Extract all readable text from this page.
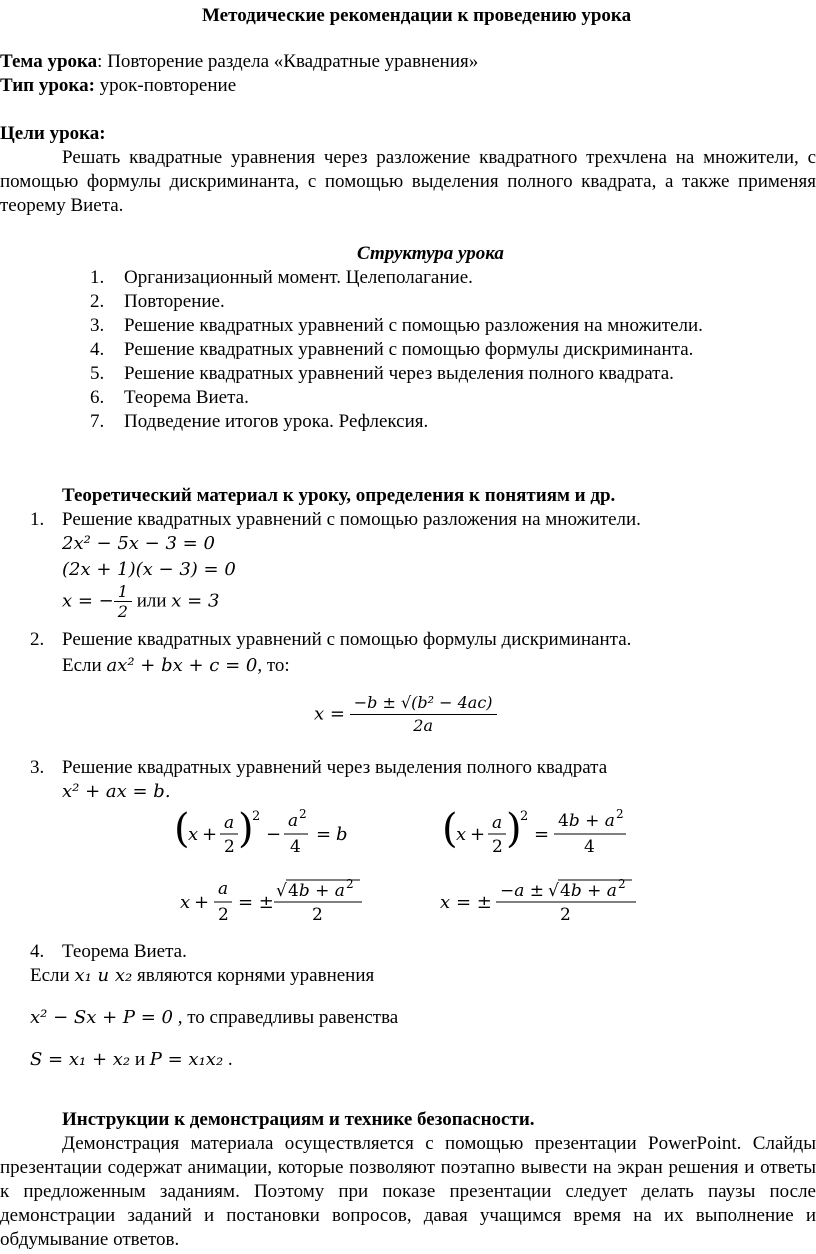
Методические рекомендации к проведению урока
Тема урока: Повторение раздела «Квадратные уравнения»
Тип урока: урок-повторение
Цели урока:
Решать квадратные уравнения через разложение квадратного трехчлена на множители, с помощью формулы дискриминанта, с помощью выделения полного квадрата, а также применяя теорему Виета.
Структура урока
1. Организационный момент. Целеполагание.
2. Повторение.
3. Решение квадратных уравнений с помощью разложения на множители.
4. Решение квадратных уравнений с помощью формулы дискриминанта.
5. Решение квадратных уравнений через выделения полного квадрата.
6. Теорема Виета.
7. Подведение итогов урока. Рефлексия.
Теоретический материал к уроку, определения к понятиям и др.
1. Решение квадратных уравнений с помощью разложения на множители.
2𝑥² − 5𝑥 − 3 = 0
(2𝑥 + 1)(𝑥 − 3) = 0
𝑥 = − $\frac{1}{2}$ или 𝑥 = 3
2. Решение квадратных уравнений с помощью формулы дискриминанта.
Если 𝑎𝑥² + 𝑏𝑥 + 𝑐 = 0, то:
𝑥 = $\frac{\text{−𝑏 ± √(𝑏² − 4𝑎𝑐)}}{\text{2𝑎}}$
3. Решение квадратных уравнений через выделения полного квадрата
𝑥² + 𝑎𝑥 = 𝑏.
(
x +
a
2 )
2
−
a 2
4
= b (
x +
a
2 )
2
=
4b + a 2
4
x +
a
2
= ±
√ 4b + a 2
2
x = ±
−a ± √ 4b + a 2
2
4. Теорема Виета.
Если 𝑥₁ и 𝑥₂ являются корнями уравнения
𝑥² − 𝑆𝑥 + 𝑃 = 0 , то справедливы равенства
𝑆 = 𝑥₁ + 𝑥₂ и 𝑃 = 𝑥₁𝑥₂ .
Инструкции к демонстрациям и технике безопасности.
Демонстрация материала осуществляется с помощью презентации PowerPoint. Слайды презентации содержат анимации, которые позволяют поэтапно вывести на экран решения и ответы к предложенным заданиям. Поэтому при показе презентации следует делать паузы после демонстрации заданий и постановки вопросов, давая учащимся время на их выполнение и обдумывание ответов.
